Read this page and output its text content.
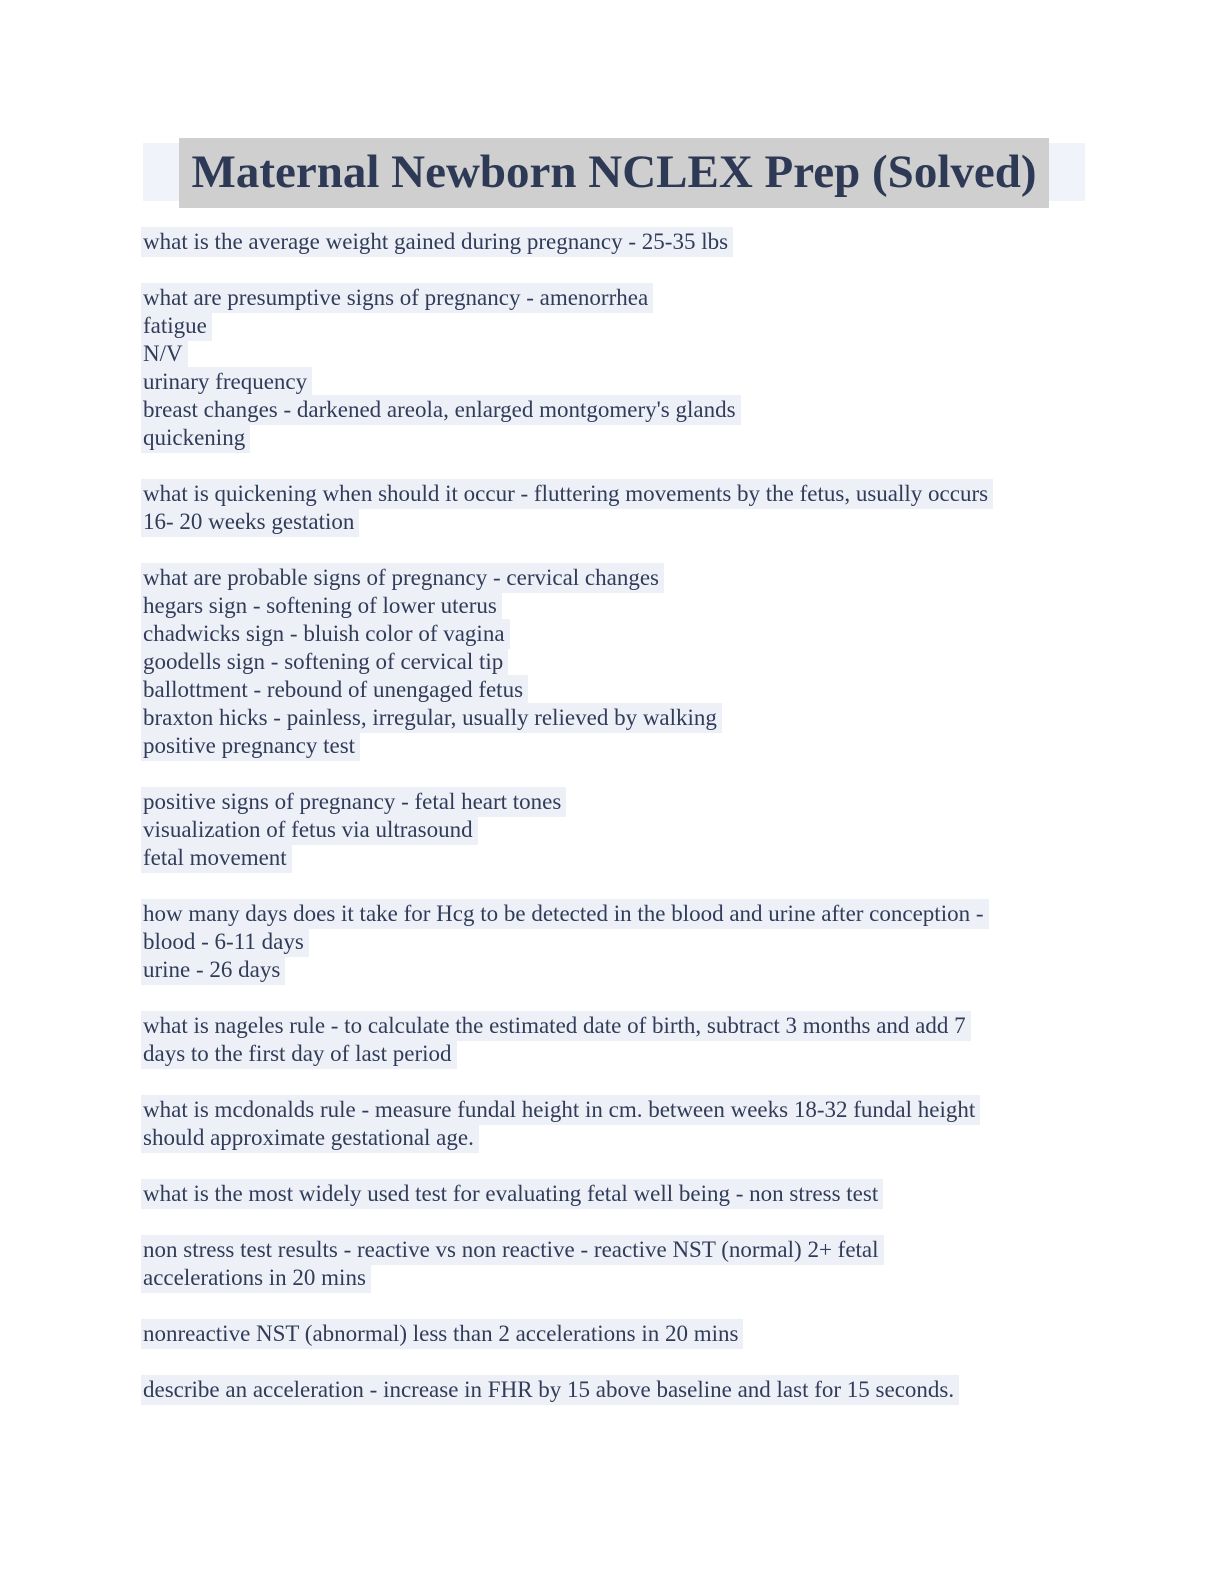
Maternal Newborn NCLEX Prep (Solved)
what is the average weight gained during pregnancy - 25-35 lbs
what are presumptive signs of pregnancy - amenorrhea
fatigue
N/V
urinary frequency
breast changes - darkened areola, enlarged montgomery's glands
quickening
what is quickening when should it occur - fluttering movements by the fetus, usually occurs
16- 20 weeks gestation
what are probable signs of pregnancy - cervical changes
hegars sign - softening of lower uterus
chadwicks sign - bluish color of vagina
goodells sign - softening of cervical tip
ballottment - rebound of unengaged fetus
braxton hicks - painless, irregular, usually relieved by walking
positive pregnancy test
positive signs of pregnancy - fetal heart tones
visualization of fetus via ultrasound
fetal movement
how many days does it take for Hcg to be detected in the blood and urine after conception -
blood - 6-11 days
urine - 26 days
what is nageles rule - to calculate the estimated date of birth, subtract 3 months and add 7
days to the first day of last period
what is mcdonalds rule - measure fundal height in cm. between weeks 18-32 fundal height
should approximate gestational age.
what is the most widely used test for evaluating fetal well being - non stress test
non stress test results - reactive vs non reactive - reactive NST (normal) 2+ fetal
accelerations in 20 mins
nonreactive NST (abnormal) less than 2 accelerations in 20 mins
describe an acceleration - increase in FHR by 15 above baseline and last for 15 seconds.
